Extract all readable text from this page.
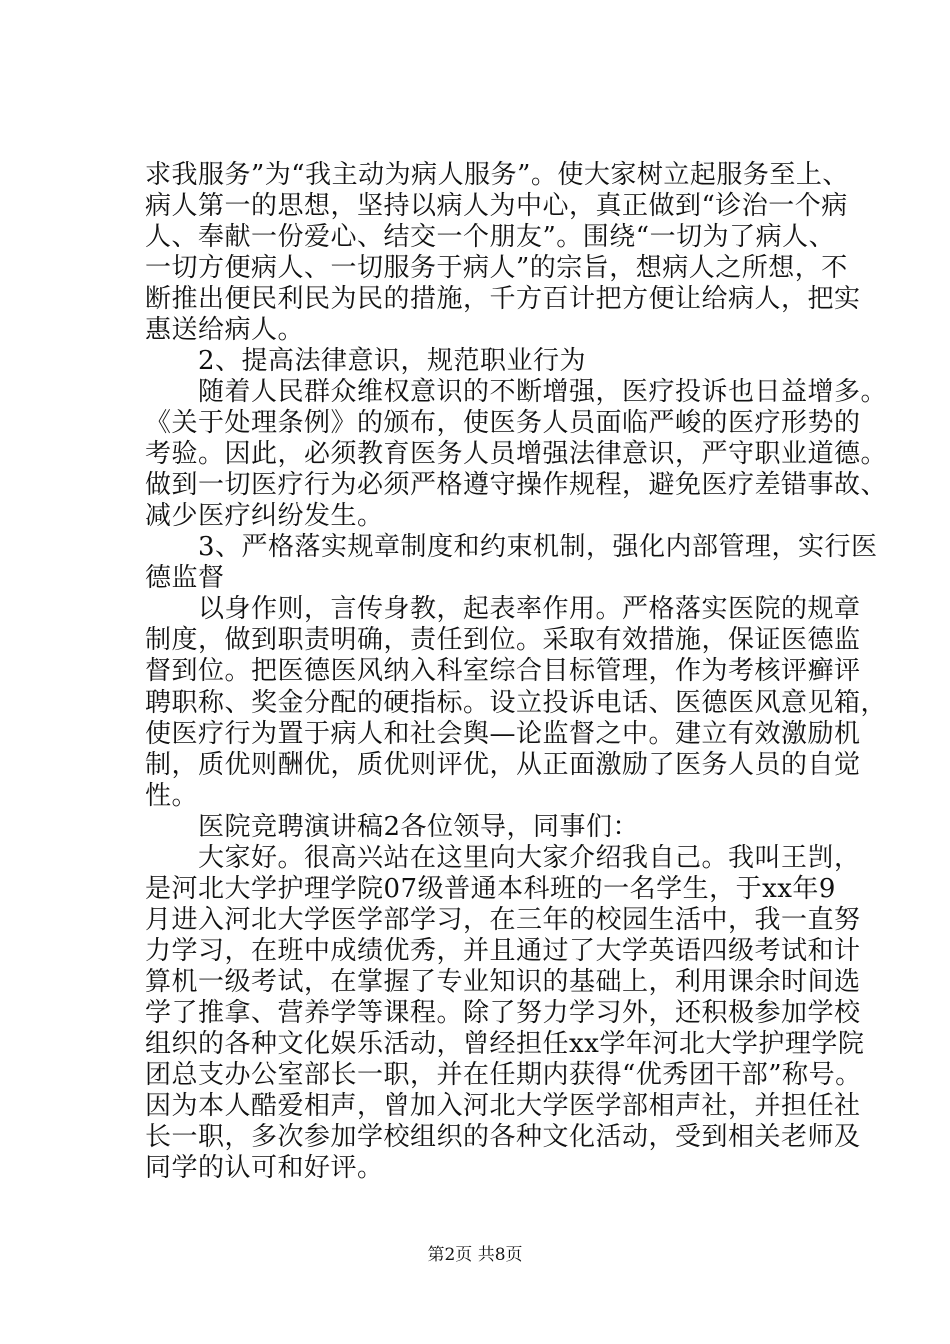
求我服务”为“我主动为病人服务”。使大家树立起服务至上、
病人第一的思想，坚持以病人为中心，真正做到“诊治一个病
人、奉献一份爱心、结交一个朋友”。围绕“一切为了病人、
一切方便病人、一切服务于病人”的宗旨，想病人之所想，不
断推出便民利民为民的措施，千方百计把方便让给病人，把实
惠送给病人。
　　2、提高法律意识，规范职业行为
　　随着人民群众维权意识的不断增强，医疗投诉也日益增多。
《关于处理条例》的颁布，使医务人员面临严峻的医疗形势的
考验。因此，必须教育医务人员增强法律意识，严守职业道德。
做到一切医疗行为必须严格遵守操作规程，避免医疗差错事故、
减少医疗纠纷发生。
　　3、严格落实规章制度和约束机制，强化内部管理，实行医
德监督
　　以身作则，言传身教，起表率作用。严格落实医院的规章
制度，做到职责明确，责任到位。采取有效措施，保证医德监
督到位。把医德医风纳入科室综合目标管理，作为考核评癣评
聘职称、奖金分配的硬指标。设立投诉电话、医德医风意见箱，
使医疗行为置于病人和社会舆—论监督之中。建立有效激励机
制，质优则酬优，质优则评优，从正面激励了医务人员的自觉
性。
　　医院竞聘演讲稿2各位领导，同事们：
　　大家好。很高兴站在这里向大家介绍我自己。我叫王剀，
是河北大学护理学院07级普通本科班的一名学生，于xx年9
月进入河北大学医学部学习，在三年的校园生活中，我一直努
力学习，在班中成绩优秀，并且通过了大学英语四级考试和计
算机一级考试，在掌握了专业知识的基础上，利用课余时间选
学了推拿、营养学等课程。除了努力学习外，还积极参加学校
组织的各种文化娱乐活动，曾经担任xx学年河北大学护理学院
团总支办公室部长一职，并在任期内获得“优秀团干部”称号。
因为本人酷爱相声，曾加入河北大学医学部相声社，并担任社
长一职，多次参加学校组织的各种文化活动，受到相关老师及
同学的认可和好评。
第2页 共8页
